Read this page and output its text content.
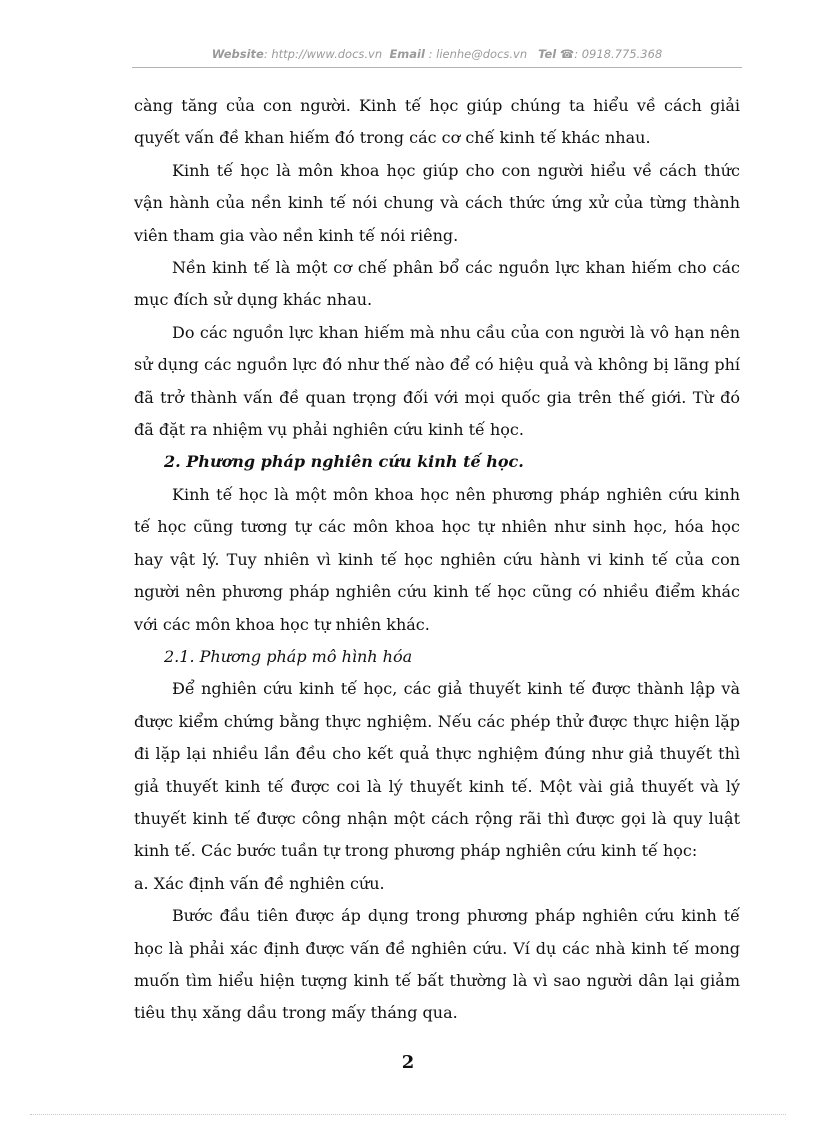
Website: http://www.docs.vn Email : lienhe@docs.vn Tel ☎: 0918.775.368

càng tăng của con người. Kinh tế học giúp chúng ta hiểu về cách giải quyết vấn đề khan hiếm đó trong các cơ chế kinh tế khác nhau.

Kinh tế học là môn khoa học giúp cho con người hiểu về cách thức vận hành của nền kinh tế nói chung và cách thức ứng xử của từng thành viên tham gia vào nền kinh tế nói riêng.

Nền kinh tế là một cơ chế phân bổ các nguồn lực khan hiếm cho các mục đích sử dụng khác nhau.

Do các nguồn lực khan hiếm mà nhu cầu của con người là vô hạn nên sử dụng các nguồn lực đó như thế nào để có hiệu quả và không bị lãng phí đã trở thành vấn đề quan trọng đối với mọi quốc gia trên thế giới. Từ đó đã đặt ra nhiệm vụ phải nghiên cứu kinh tế học.

2. Phương pháp nghiên cứu kinh tế học.

Kinh tế học là một môn khoa học nên phương pháp nghiên cứu kinh tế học cũng tương tự các môn khoa học tự nhiên như sinh học, hóa học hay vật lý. Tuy nhiên vì kinh tế học nghiên cứu hành vi kinh tế của con người nên phương pháp nghiên cứu kinh tế học cũng có nhiều điểm khác với các môn khoa học tự nhiên khác.

2.1. Phương pháp mô hình hóa

Để nghiên cứu kinh tế học, các giả thuyết kinh tế được thành lập và được kiểm chứng bằng thực nghiệm. Nếu các phép thử được thực hiện lặp đi lặp lại nhiều lần đều cho kết quả thực nghiệm đúng như giả thuyết thì giả thuyết kinh tế được coi là lý thuyết kinh tế. Một vài giả thuyết và lý thuyết kinh tế được công nhận một cách rộng rãi thì được gọi là quy luật kinh tế. Các bước tuần tự trong phương pháp nghiên cứu kinh tế học:

a. Xác định vấn đề nghiên cứu.

Bước đầu tiên được áp dụng trong phương pháp nghiên cứu kinh tế học là phải xác định được vấn đề nghiên cứu. Ví dụ các nhà kinh tế mong muốn tìm hiểu hiện tượng kinh tế bất thường là vì sao người dân lại giảm tiêu thụ xăng dầu trong mấy tháng qua.

2
